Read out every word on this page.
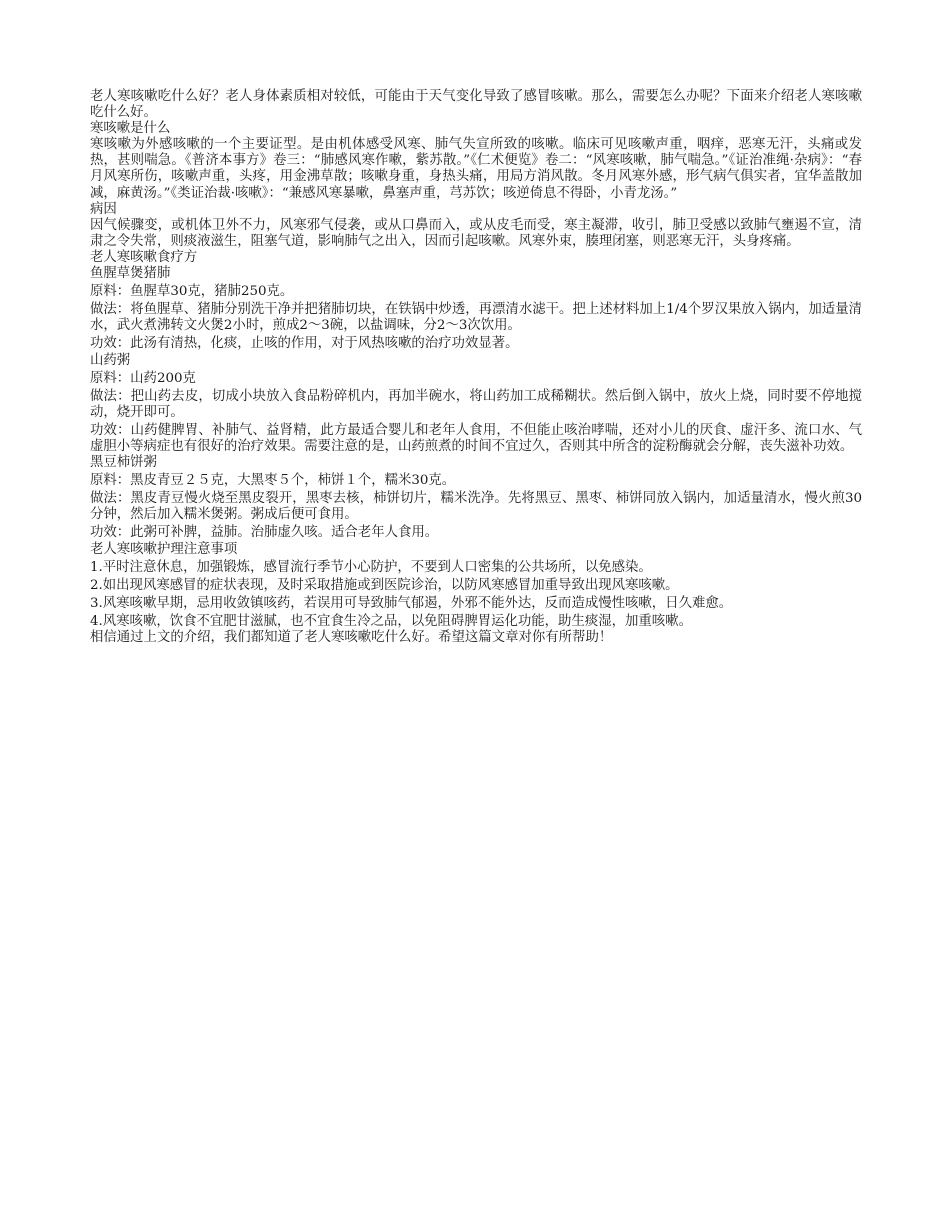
老人寒咳嗽吃什么好？老人身体素质相对较低，可能由于天气变化导致了感冒咳嗽。那么，需要怎么办呢？下面来介绍老人寒咳嗽吃什么好。

寒咳嗽是什么

寒咳嗽为外感咳嗽的一个主要证型。是由机体感受风寒、肺气失宣所致的咳嗽。临床可见咳嗽声重，咽痒，恶寒无汗，头痛或发热，甚则喘急。《普济本事方》卷三：“肺感风寒作嗽，紫苏散。”《仁术便览》卷二：“风寒咳嗽，肺气喘急。”《证治准绳·杂病》：“春月风寒所伤，咳嗽声重，头疼，用金沸草散；咳嗽身重，身热头痛，用局方消风散。冬月风寒外感，形气病气俱实者，宜华盖散加减，麻黄汤。”《类证治裁·咳嗽》：“兼感风寒暴嗽，鼻塞声重，芎苏饮；咳逆倚息不得卧，小青龙汤。”

病因

因气候骤变，或机体卫外不力，风寒邪气侵袭，或从口鼻而入，或从皮毛而受，寒主凝滞，收引，肺卫受感以致肺气壅遏不宣，清肃之令失常，则痰液滋生，阻塞气道，影响肺气之出入，因而引起咳嗽。风寒外束，腠理闭塞，则恶寒无汗，头身疼痛。

老人寒咳嗽食疗方

鱼腥草煲猪肺

原料：鱼腥草30克，猪肺250克。

做法：将鱼腥草、猪肺分别洗干净并把猪肺切块，在铁锅中炒透，再漂清水滤干。把上述材料加上1/4个罗汉果放入锅内，加适量清水，武火煮沸转文火煲2小时，煎成2～3碗，以盐调味，分2～3次饮用。

功效：此汤有清热，化痰，止咳的作用，对于风热咳嗽的治疗功效显著。

山药粥

原料：山药200克

做法：把山药去皮，切成小块放入食品粉碎机内，再加半碗水，将山药加工成稀糊状。然后倒入锅中，放火上烧，同时要不停地搅动，烧开即可。

功效：山药健脾胃、补肺气、益肾精，此方最适合婴儿和老年人食用，不但能止咳治哮喘，还对小儿的厌食、虚汗多、流口水、气虚胆小等病症也有很好的治疗效果。需要注意的是，山药煎煮的时间不宜过久，否则其中所含的淀粉酶就会分解，丧失滋补功效。

黑豆柿饼粥

原料：黑皮青豆２５克，大黑枣５个，柿饼１个，糯米30克。

做法：黑皮青豆慢火烧至黑皮裂开，黑枣去核，柿饼切片，糯米洗净。先将黑豆、黑枣、柿饼同放入锅内，加适量清水，慢火煎30分钟，然后加入糯米煲粥。粥成后便可食用。

功效：此粥可补脾，益肺。治肺虚久咳。适合老年人食用。

老人寒咳嗽护理注意事项

1.平时注意休息，加强锻炼，感冒流行季节小心防护，不要到人口密集的公共场所，以免感染。

2.如出现风寒感冒的症状表现，及时采取措施或到医院诊治，以防风寒感冒加重导致出现风寒咳嗽。

3.风寒咳嗽早期，忌用收敛镇咳药，若误用可导致肺气郁遏，外邪不能外达，反而造成慢性咳嗽，日久难愈。

4.风寒咳嗽，饮食不宜肥甘滋腻，也不宜食生冷之品，以免阻碍脾胃运化功能，助生痰湿，加重咳嗽。

相信通过上文的介绍，我们都知道了老人寒咳嗽吃什么好。希望这篇文章对你有所帮助！
